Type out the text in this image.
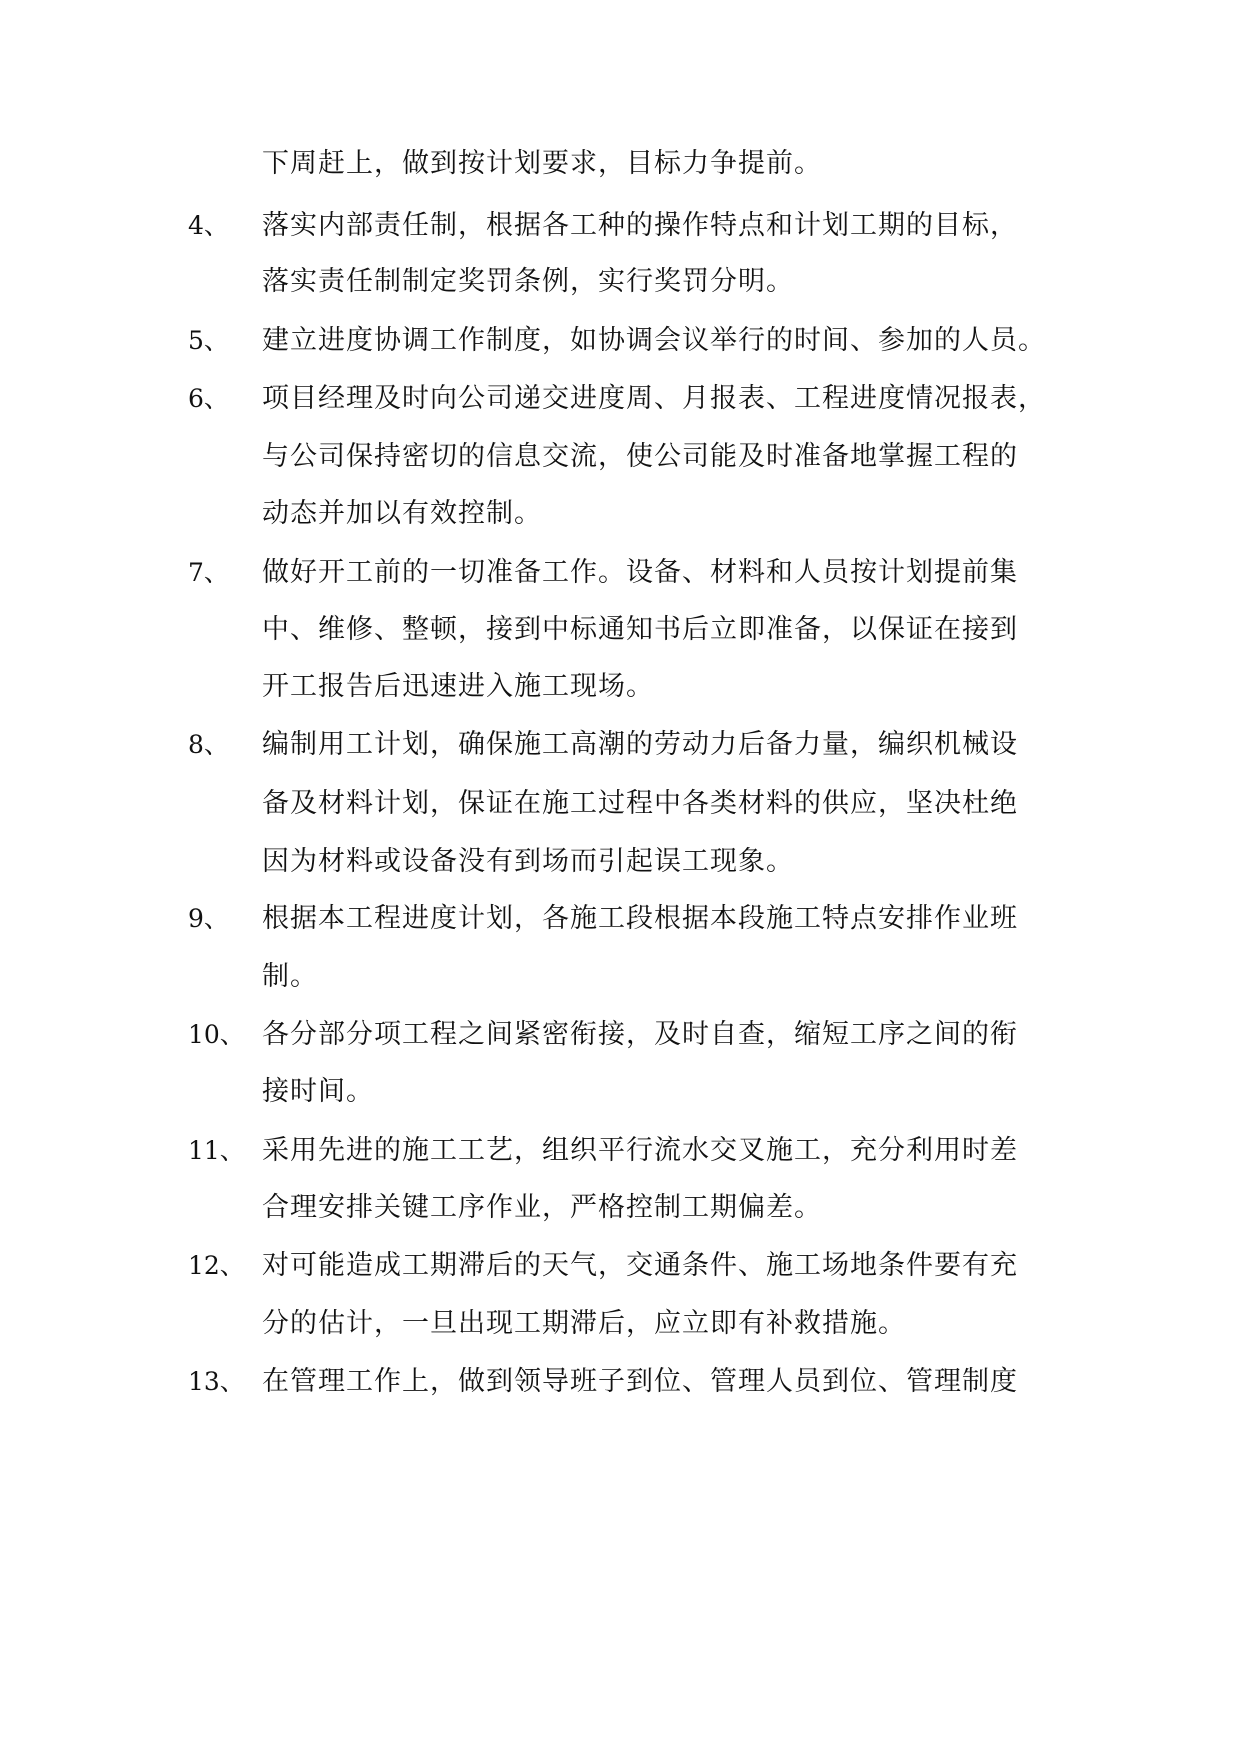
下周赶上，做到按计划要求，目标力争提前。
4、 落实内部责任制，根据各工种的操作特点和计划工期的目标，
落实责任制制定奖罚条例，实行奖罚分明。
5、 建立进度协调工作制度，如协调会议举行的时间、参加的人员。
6、 项目经理及时向公司递交进度周、月报表、工程进度情况报表，
与公司保持密切的信息交流，使公司能及时准备地掌握工程的
动态并加以有效控制。
7、 做好开工前的一切准备工作。设备、材料和人员按计划提前集
中、维修、整顿，接到中标通知书后立即准备，以保证在接到
开工报告后迅速进入施工现场。
8、 编制用工计划，确保施工高潮的劳动力后备力量，编织机械设
备及材料计划，保证在施工过程中各类材料的供应，坚决杜绝
因为材料或设备没有到场而引起误工现象。
9、 根据本工程进度计划，各施工段根据本段施工特点安排作业班
制。
10、 各分部分项工程之间紧密衔接，及时自查，缩短工序之间的衔
接时间。
11、 采用先进的施工工艺，组织平行流水交叉施工，充分利用时差
合理安排关键工序作业，严格控制工期偏差。
12、 对可能造成工期滞后的天气，交通条件、施工场地条件要有充
分的估计，一旦出现工期滞后，应立即有补救措施。
13、 在管理工作上，做到领导班子到位、管理人员到位、管理制度
